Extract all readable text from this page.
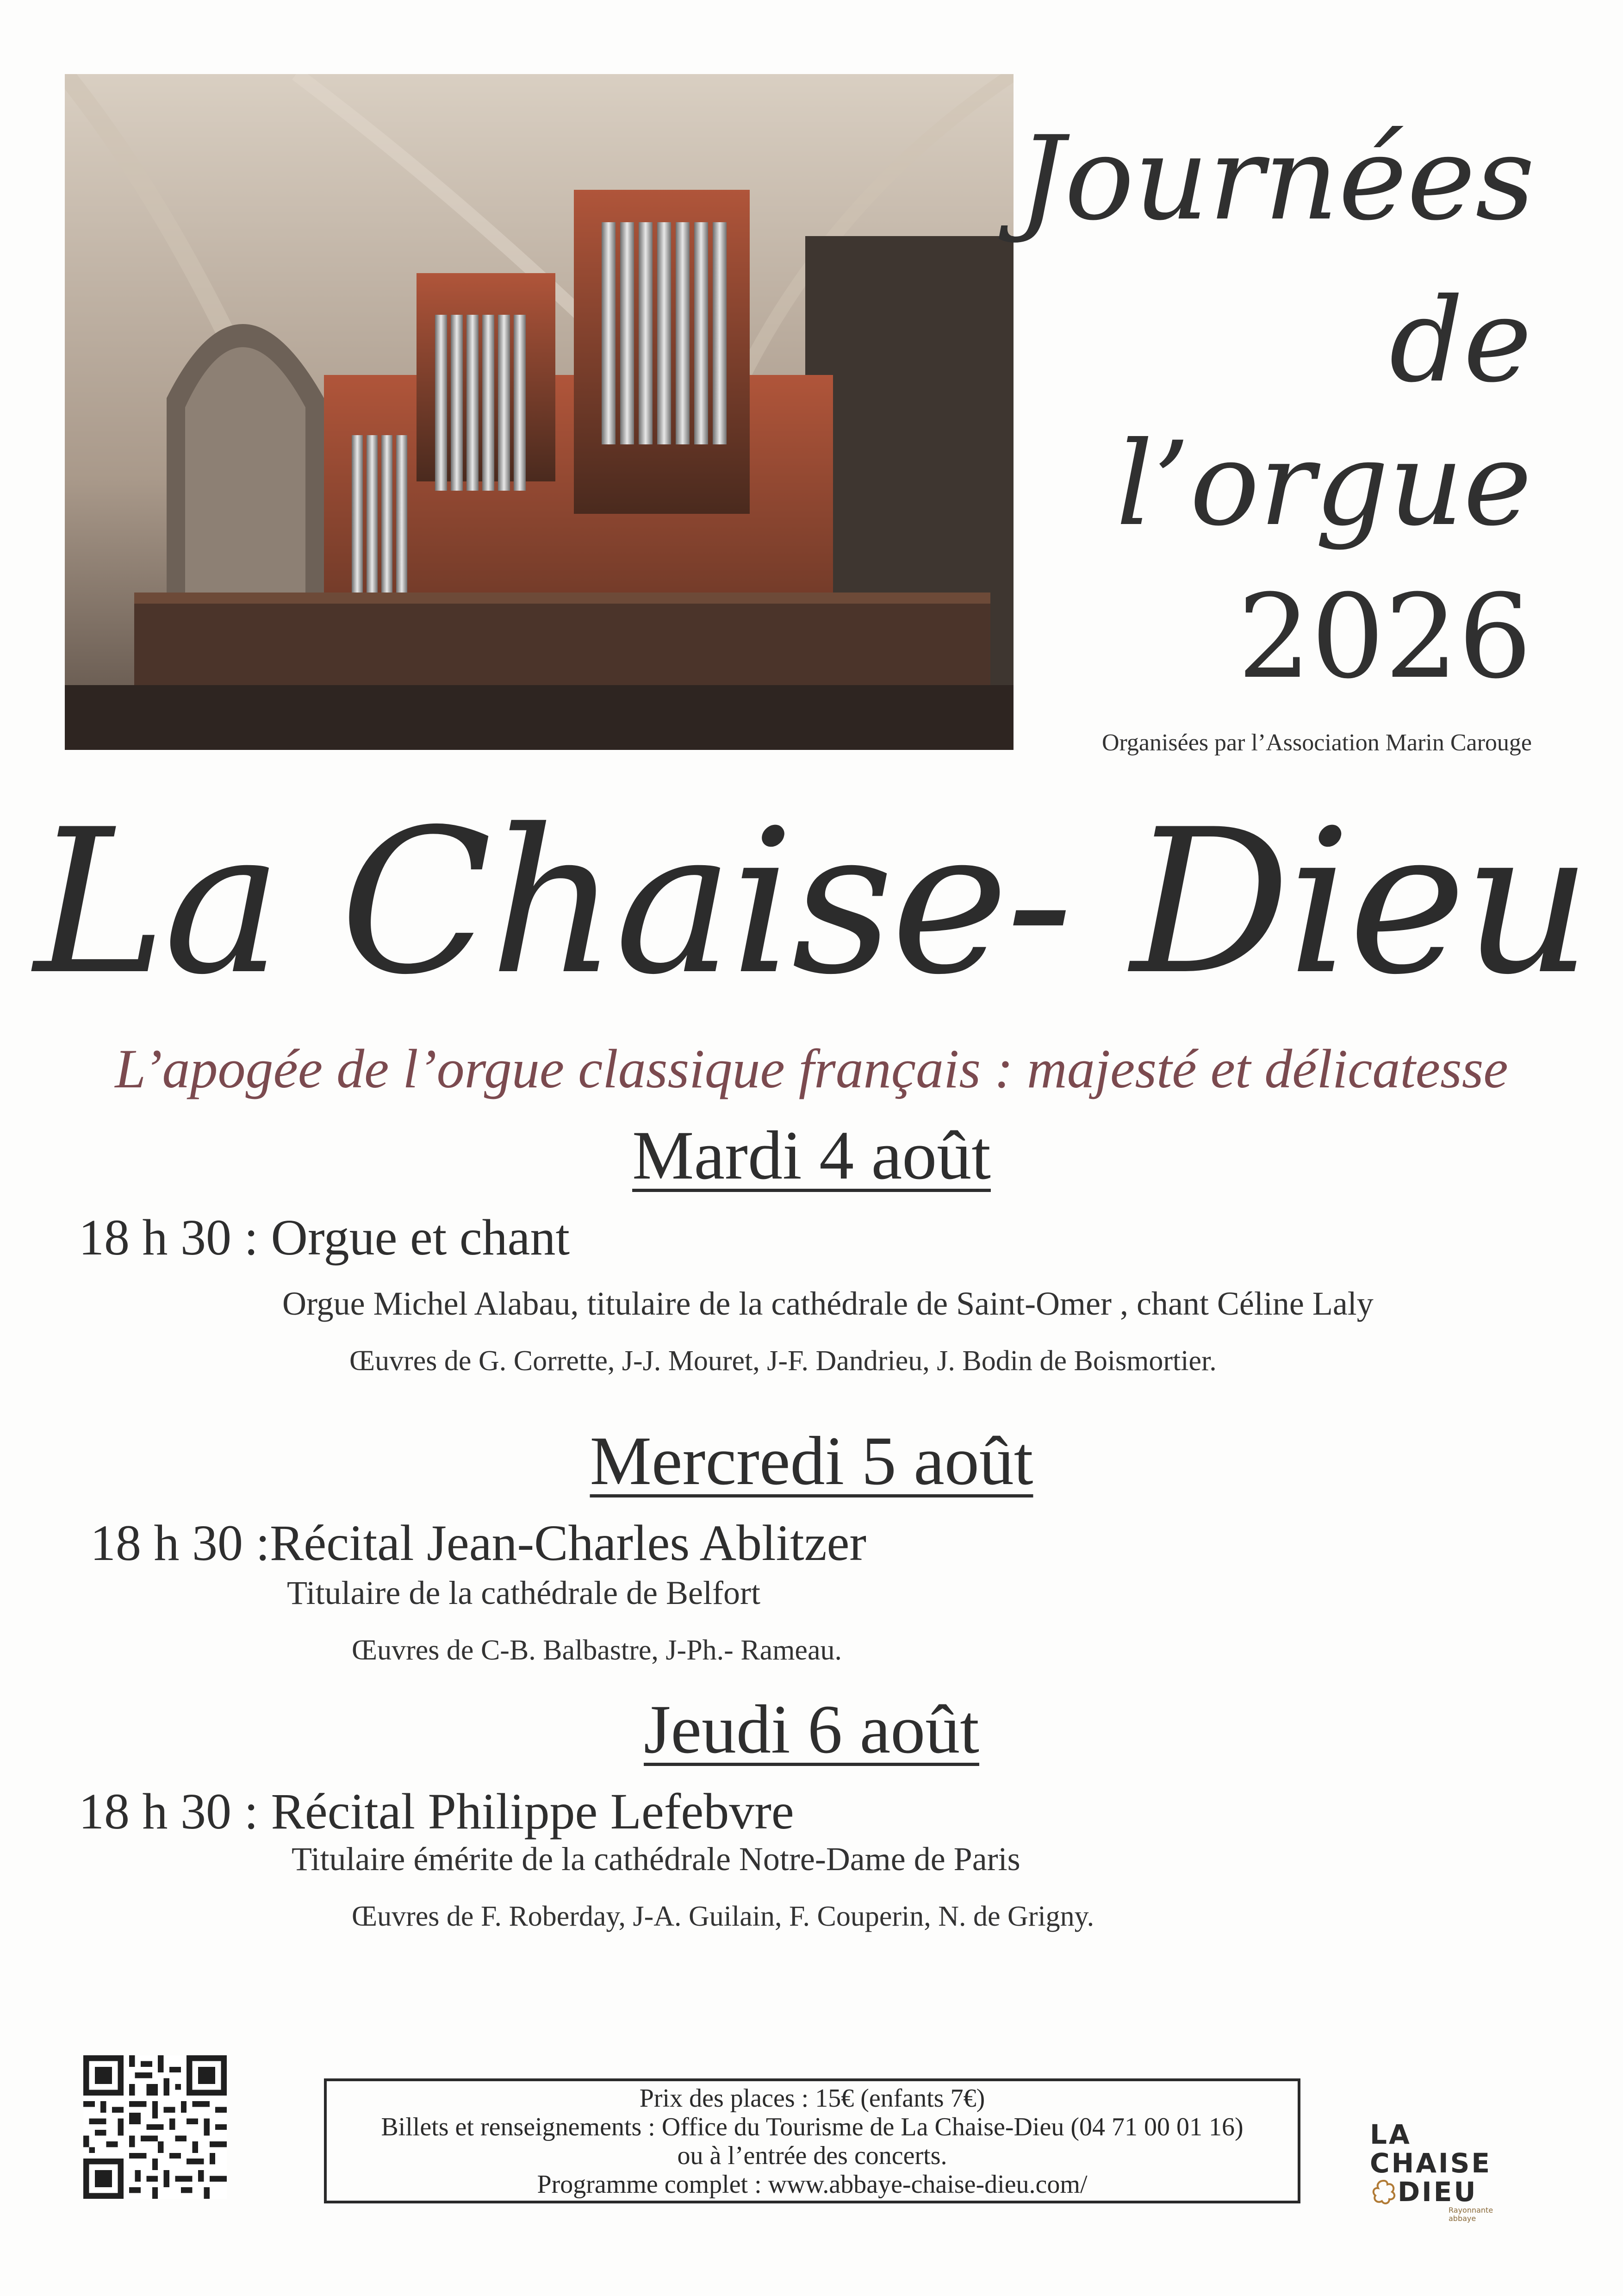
Journées
de
l’orgue
2026
Organisées par l’Association Marin Carouge
La Chaise- Dieu
L’apogée de l’orgue classique français : majesté et délicatesse
Mardi 4 août
18 h 30 : Orgue et chant
Orgue Michel Alabau, titulaire de la cathédrale de Saint-Omer , chant Céline Laly
Œuvres de G. Corrette, J-J. Mouret, J-F. Dandrieu, J. Bodin de Boismortier.
Mercredi 5 août
18 h 30 :Récital Jean-Charles Ablitzer
Titulaire de la cathédrale de Belfort
Œuvres de C-B. Balbastre, J-Ph.- Rameau.
Jeudi 6 août
18 h 30 : Récital Philippe Lefebvre
Titulaire émérite de la cathédrale Notre-Dame de Paris
Œuvres de F. Roberday, J-A. Guilain, F. Couperin, N. de Grigny.
Prix des places : 15€ (enfants 7€)
Billets et renseignements : Office du Tourisme de La Chaise-Dieu (04 71 00 01 16)
ou à l’entrée des concerts.
Programme complet : www.abbaye-chaise-dieu.com/
LA
CHAISE
DIEU
Rayonnante
abbaye
